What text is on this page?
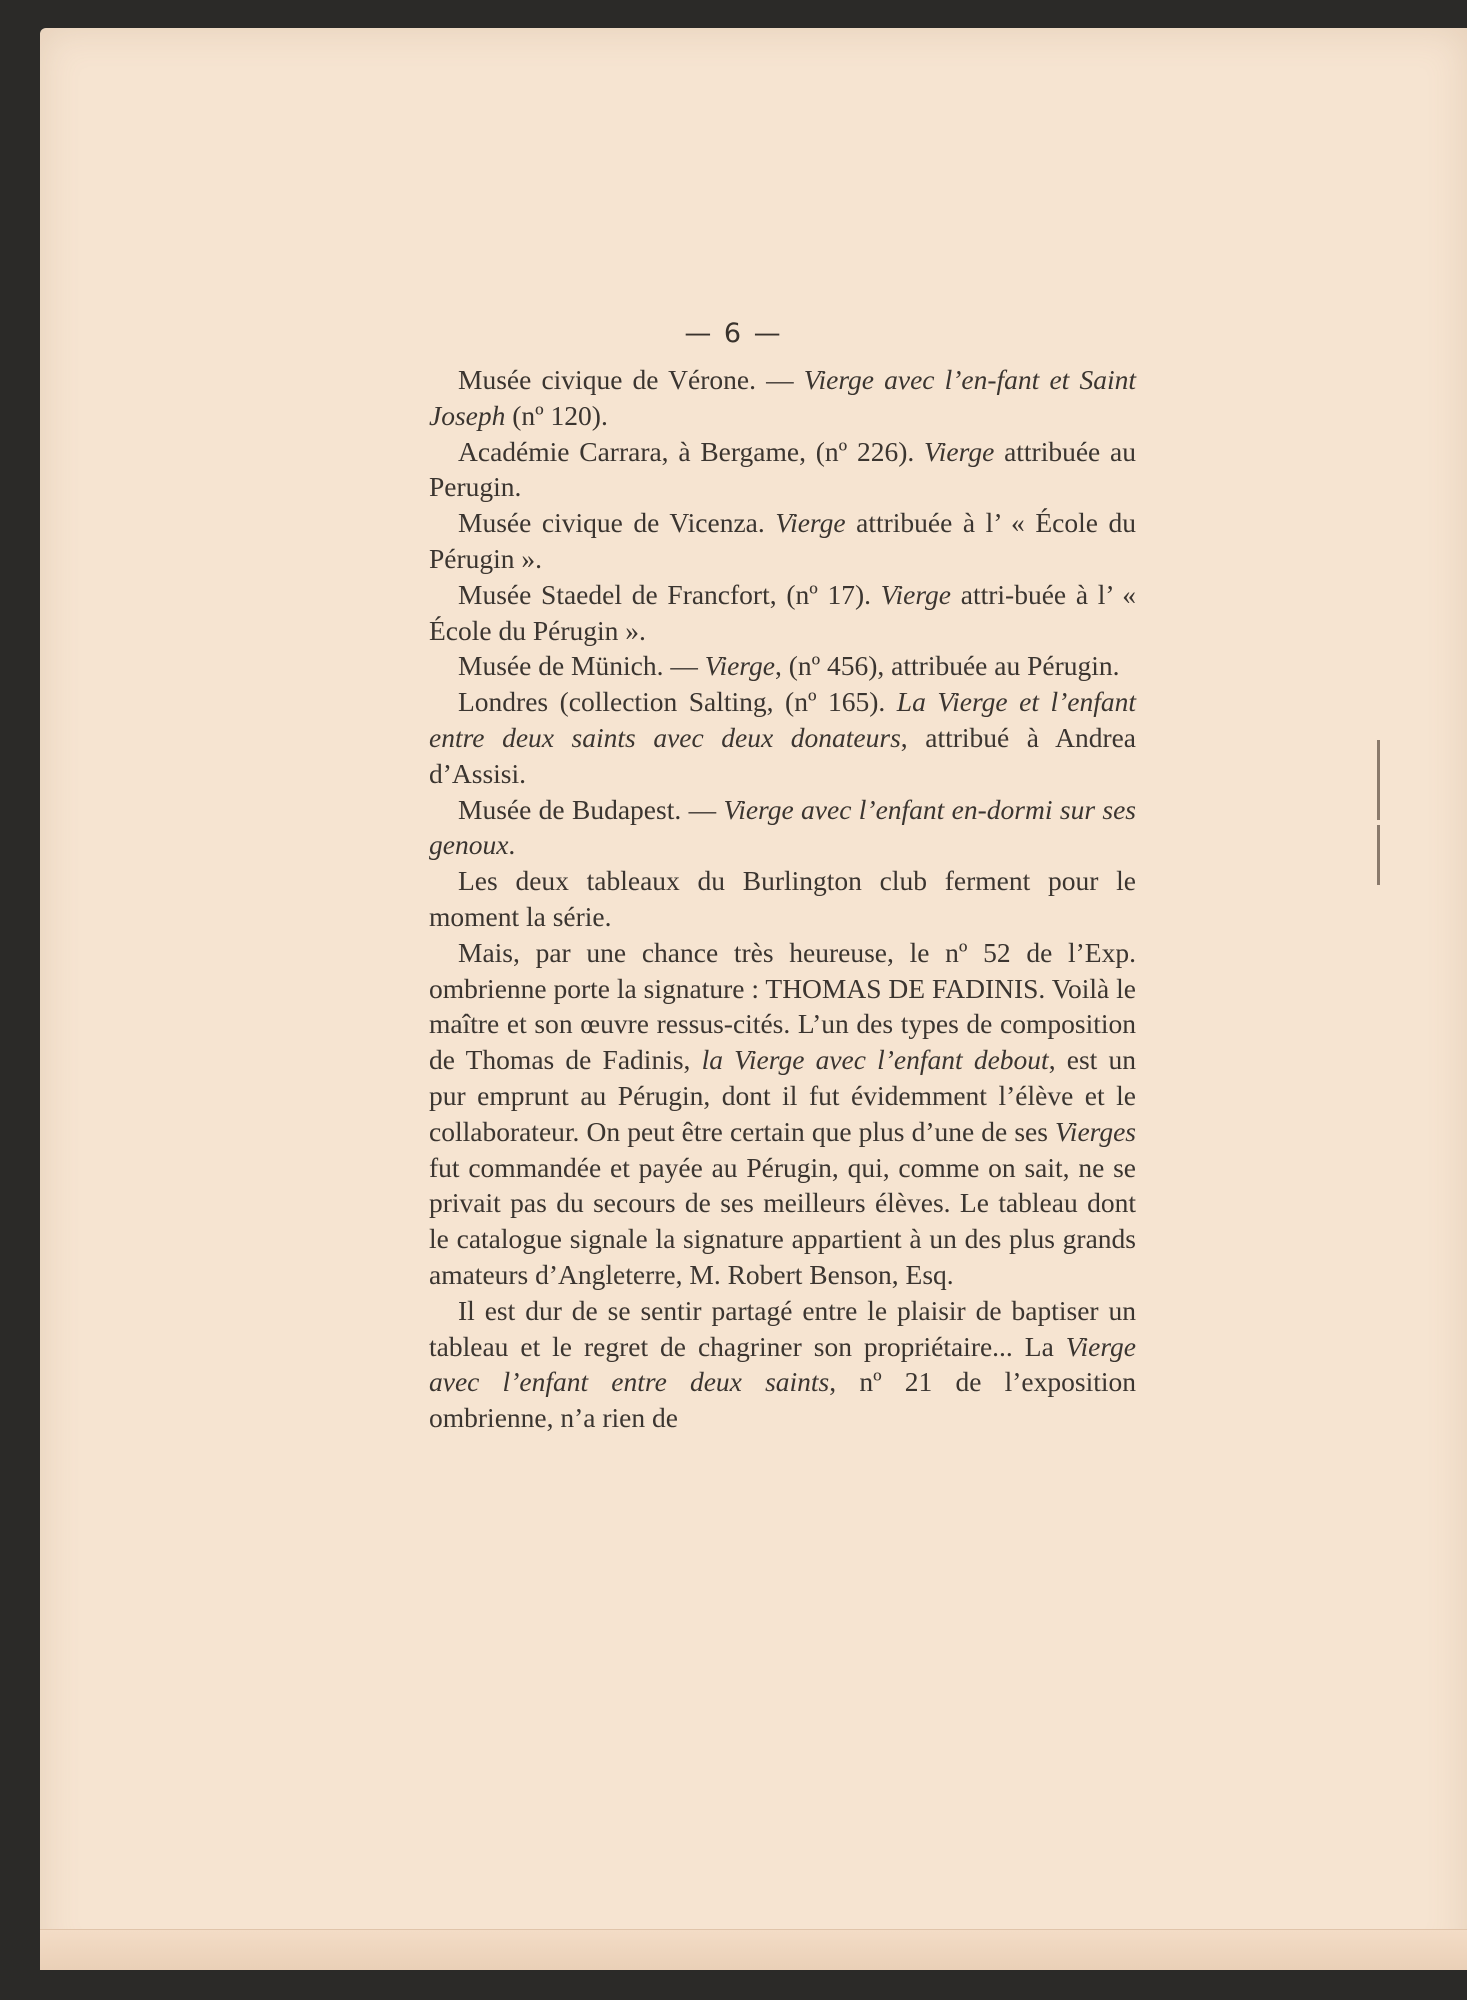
— 6 —

Musée civique de Vérone. — Vierge avec l’en-fant et Saint Joseph (nº 120).

Académie Carrara, à Bergame, (nº 226). Vierge attribuée au Perugin.

Musée civique de Vicenza. Vierge attribuée à l’ « École du Pérugin ».

Musée Staedel de Francfort, (nº 17). Vierge attri-buée à l’ « École du Pérugin ».

Musée de Münich. — Vierge, (nº 456), attribuée au Pérugin.

Londres (collection Salting, (nº 165). La Vierge et l’enfant entre deux saints avec deux donateurs, attribué à Andrea d’Assisi.

Musée de Budapest. — Vierge avec l’enfant en-dormi sur ses genoux.

Les deux tableaux du Burlington club ferment pour le moment la série.

Mais, par une chance très heureuse, le nº 52 de l’Exp. ombrienne porte la signature : THOMAS DE FADINIS. Voilà le maître et son œuvre ressus-cités. L’un des types de composition de Thomas de Fadinis, la Vierge avec l’enfant debout, est un pur emprunt au Pérugin, dont il fut évidemment l’élève et le collaborateur. On peut être certain que plus d’une de ses Vierges fut commandée et payée au Pérugin, qui, comme on sait, ne se privait pas du secours de ses meilleurs élèves. Le tableau dont le catalogue signale la signature appartient à un des plus grands amateurs d’Angleterre, M. Robert Benson, Esq.

Il est dur de se sentir partagé entre le plaisir de baptiser un tableau et le regret de chagriner son propriétaire... La Vierge avec l’enfant entre deux saints, nº 21 de l’exposition ombrienne, n’a rien de
